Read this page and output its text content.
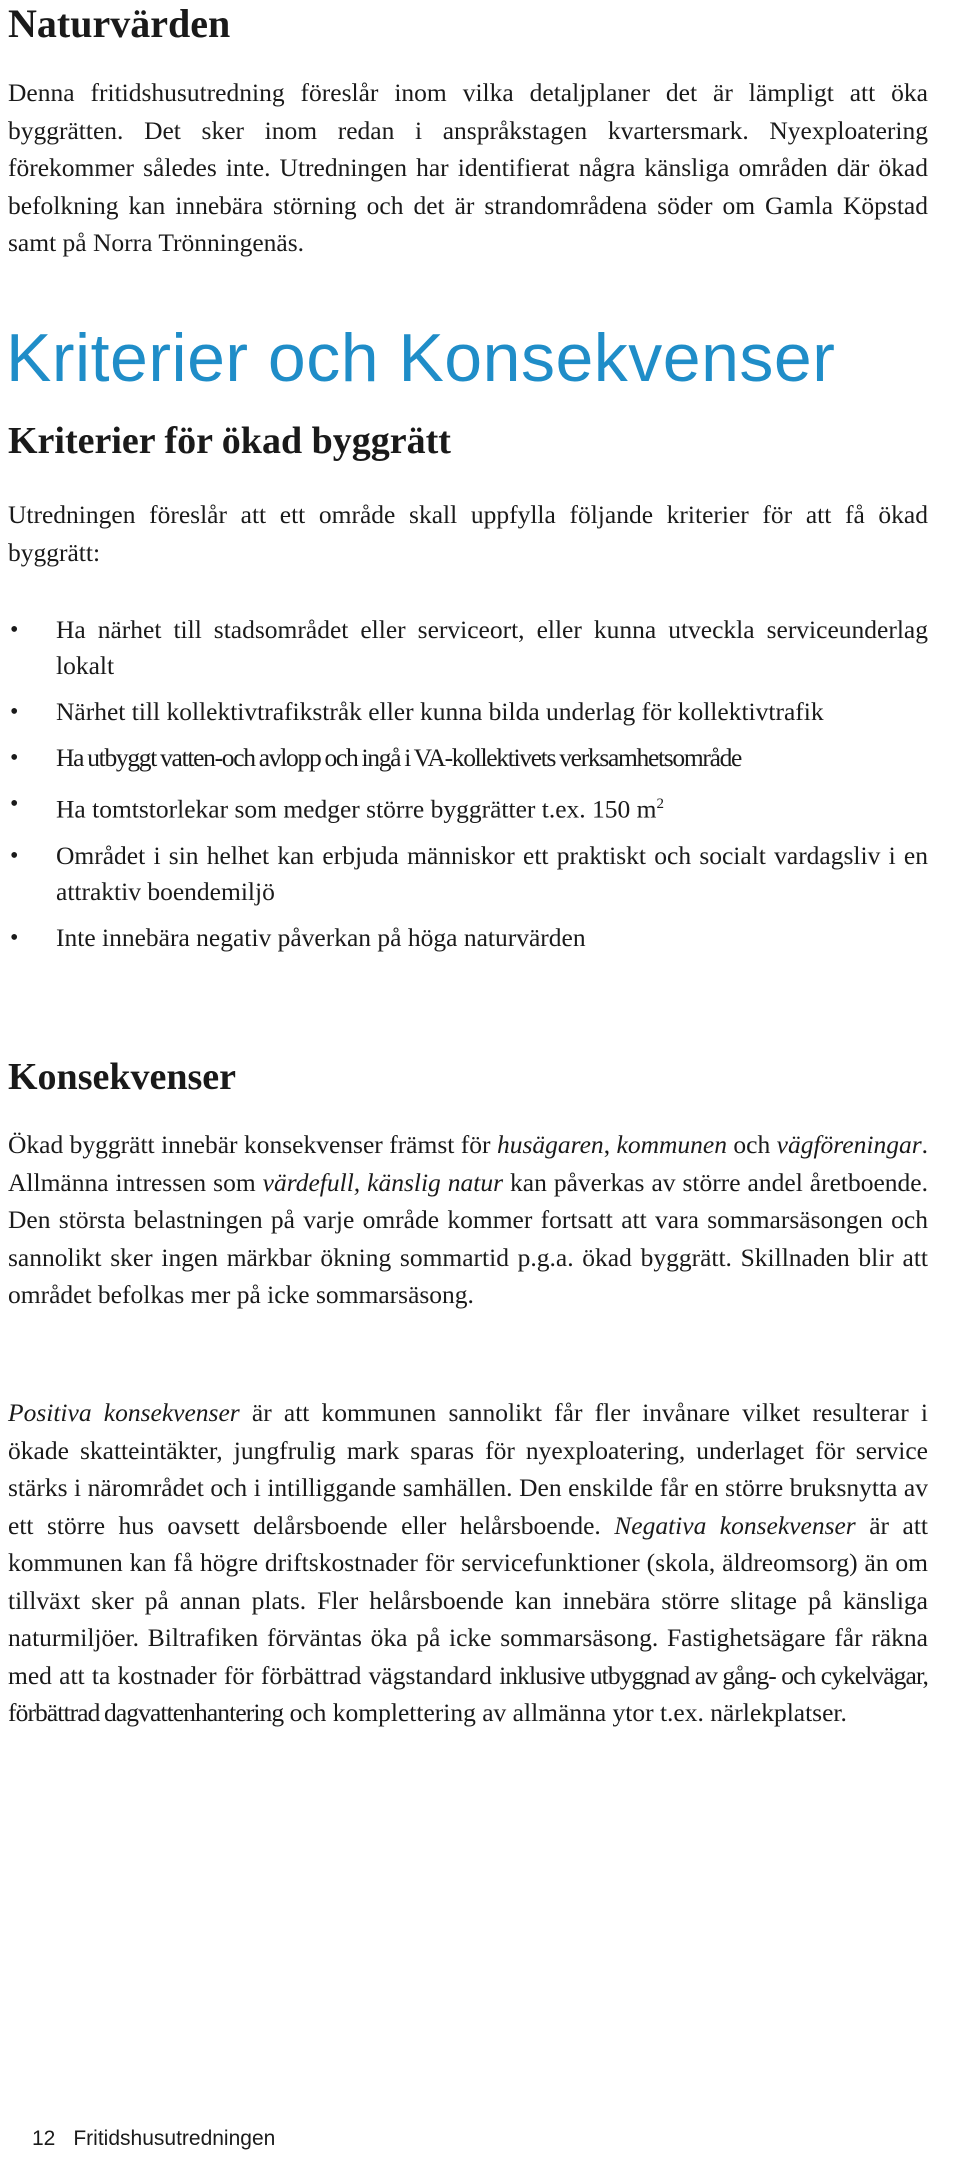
Naturvärden

Denna fritidshusutredning föreslår inom vilka detaljplaner det är lämpligt att öka byggrätten. Det sker inom redan i anspråkstagen kvartersmark. Nyexploatering förekommer således inte. Utredningen har identifierat några känsliga områden där ökad befolkning kan innebära störning och det är strandområdena söder om Gamla Köpstad samt på Norra Trönningenäs.

Kriterier och Konsekvenser
Kriterier för ökad byggrätt

Utredningen föreslår att ett område skall uppfylla följande kriterier för att få ökad byggrätt:

• Ha närhet till stadsområdet eller serviceort, eller kunna utveckla serviceunderlag lokalt
• Närhet till kollektivtrafikstråk eller kunna bilda underlag för kollektivtrafik
• Ha utbyggt vatten-och avlopp och ingå i VA-kollektivets verksamhetsområde
• Ha tomtstorlekar som medger större byggrätter t.ex. 150 $m^2$
• Området i sin helhet kan erbjuda människor ett praktiskt och socialt vardagsliv i en attraktiv boendemiljö
• Inte innebära negativ påverkan på höga naturvärden
Konsekvenser

Ökad byggrätt innebär konsekvenser främst för husägaren, kommunen och vägföreningar. Allmänna intressen som värdefull, känslig natur kan påverkas av större andel åretboende. Den största belastningen på varje område kommer fortsatt att vara sommarsäsongen och sannolikt sker ingen märkbar ökning sommartid p.g.a. ökad byggrätt. Skillnaden blir att området befolkas mer på icke sommarsäsong.

Positiva konsekvenser är att kommunen sannolikt får fler invånare vilket resulterar i ökade skatteintäkter, jungfrulig mark sparas för nyexploatering, underlaget för service stärks i närområdet och i intilliggande samhällen. Den enskilde får en större bruksnytta av ett större hus oavsett delårsboende eller helårsboende. Negativa konsekvenser är att kommunen kan få högre driftskostnader för servicefunktioner (skola, äldreomsorg) än om tillväxt sker på annan plats. Fler helårsboende kan innebära större slitage på känsliga naturmiljöer. Biltrafiken förväntas öka på icke sommarsäsong. Fastighetsägare får räkna med att ta kostnader för förbättrad vägstandard inklusive utbyggnad av gång- och cykelvägar, förbättrad dagvattenhantering och komplettering av allmänna ytor t.ex. närlekplatser.

12 Fritidshusutredningen
